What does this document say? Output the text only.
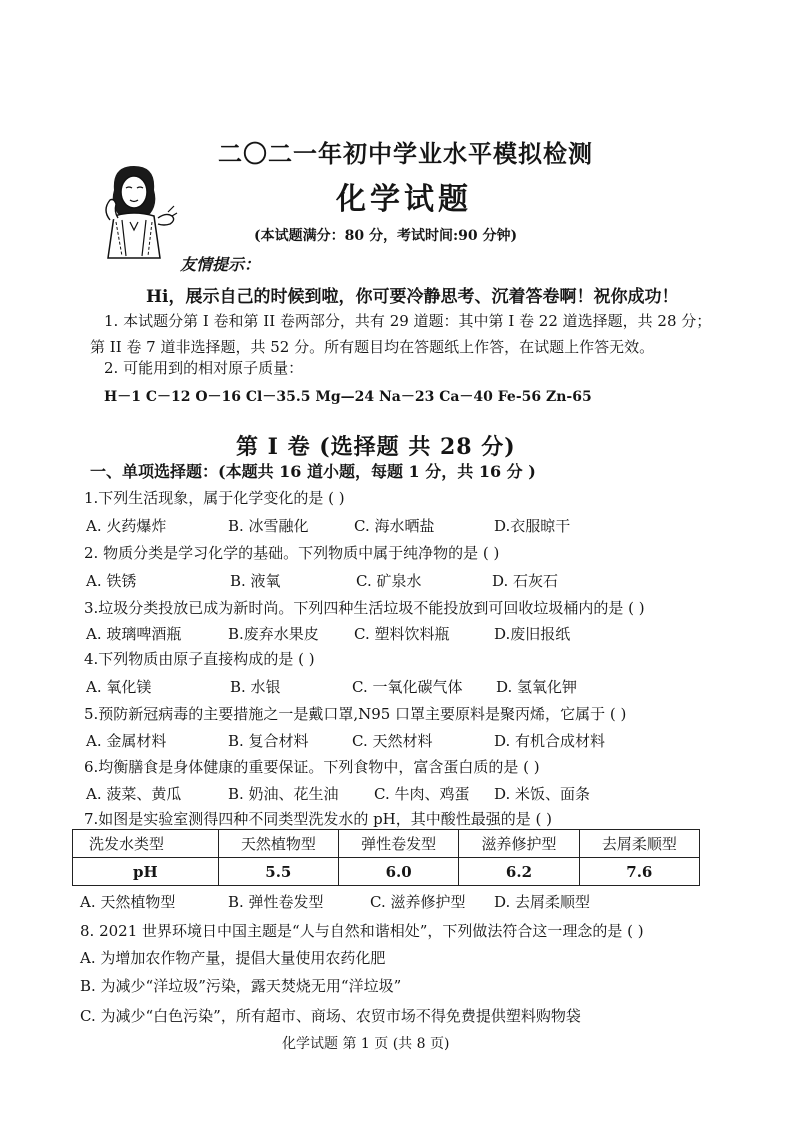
二〇二一年初中学业水平模拟检测
化学试题
(本试题满分：80 分，考试时间:90 分钟)
友情提示：
Hi，展示自己的时候到啦，你可要冷静思考、沉着答卷啊！祝你成功！
1. 本试题分第 I 卷和第 II 卷两部分，共有 29 道题：其中第 I 卷 22 道选择题，共 28 分；
第 II 卷 7 道非选择题，共 52 分。所有题目均在答题纸上作答，在试题上作答无效。
2. 可能用到的相对原子质量：
H－1 C－12 O－16 Cl－35.5 Mg—24 Na－23 Ca－40 Fe-56 Zn-65
第 I 卷 (选择题 共 28 分)
一、单项选择题：(本题共 16 道小题，每题 1 分，共 16 分 )
1.下列生活现象，属于化学变化的是 ( )
A. 火药爆炸	B. 冰雪融化	C. 海水晒盐	D.衣服晾干
2. 物质分类是学习化学的基础。下列物质中属于纯净物的是 ( )
A. 铁锈	B. 液氧	C. 矿泉水	D. 石灰石
3.垃圾分类投放已成为新时尚。下列四种生活垃圾不能投放到可回收垃圾桶内的是 ( )
A. 玻璃啤酒瓶	B.废弃水果皮 C. 塑料饮料瓶	D.废旧报纸
4.下列物质由原子直接构成的是 ( )
A. 氧化镁	B. 水银	C. 一氧化碳气体 D. 氢氧化钾
5.预防新冠病毒的主要措施之一是戴口罩,N95 口罩主要原料是聚丙烯，它属于 ( )
A. 金属材料	B. 复合材料	C. 天然材料	D. 有机合成材料
6.均衡膳食是身体健康的重要保证。下列食物中，富含蛋白质的是 ( )
A. 菠菜、黄瓜	B. 奶油、花生油 C. 牛肉、鸡蛋 D. 米饭、面条
7.如图是实验室测得四种不同类型洗发水的 pH，其中酸性最强的是 ( )
洗发水类型	天然植物型	弹性卷发型	滋养修护型	去屑柔顺型
pH	5.5	6.0	6.2	7.6
A. 天然植物型	B. 弹性卷发型	C. 滋养修护型 D. 去屑柔顺型
8. 2021 世界环境日中国主题是“人与自然和谐相处”，下列做法符合这一理念的是 ( )
A. 为增加农作物产量，提倡大量使用农药化肥
B. 为减少“洋垃圾”污染，露天焚烧无用“洋垃圾”
C. 为减少“白色污染”，所有超市、商场、农贸市场不得免费提供塑料购物袋
化学试题 第 1 页 (共 8 页)
